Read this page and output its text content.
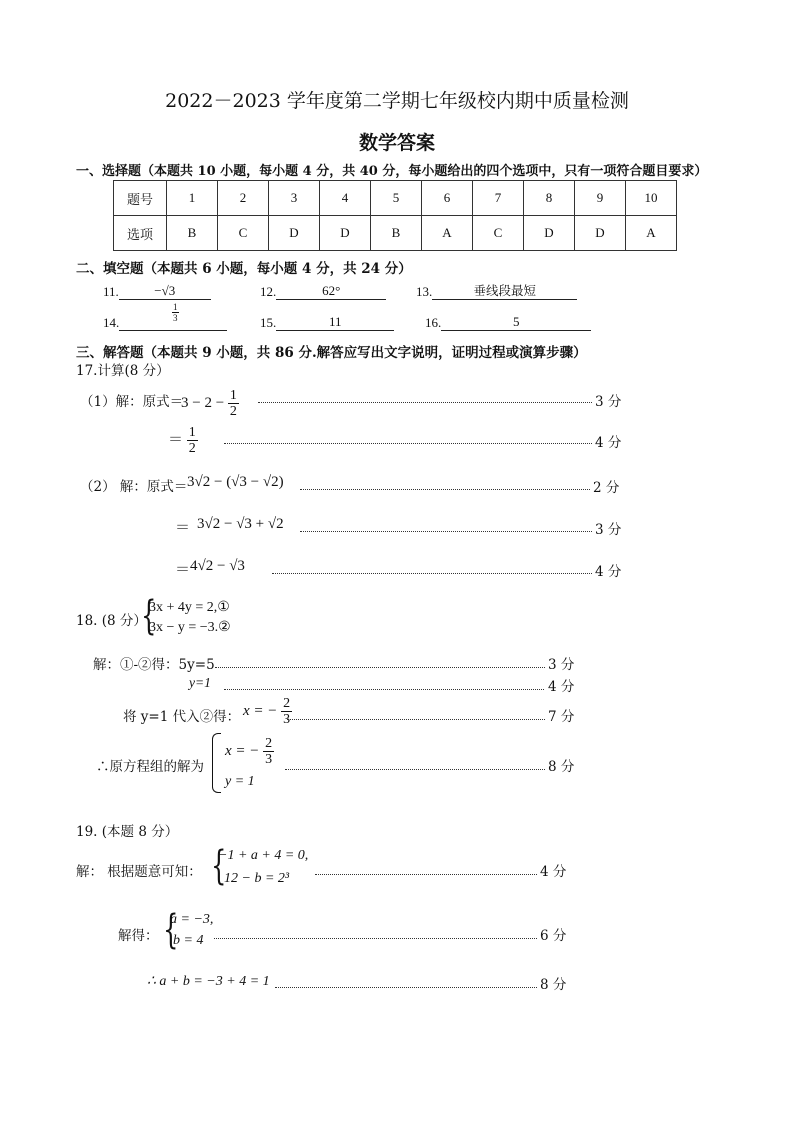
2022－2023 学年度第二学期七年级校内期中质量检测
数学答案
一、选择题（本题共 10 小题，每小题 4 分，共 40 分，每小题给出的四个选项中，只有一项符合题目要求）
题号	1	2	3	4	5	6	7	8	9	10
选项	B	C	D	D	B	A	C	D	D	A
二、填空题（本题共 6 小题，每小题 4 分，共 24 分）
11.	−√3	12.	62°	13.	垂线段最短
14.	$\frac{1}{3}$	15.	11	16.	5
三、解答题（本题共 9 小题，共 86 分.解答应写出文字说明，证明过程或演算步骤）
17.计算(8 分）
（1）解：原式＝
$3 - 2 - \frac{1}{2}$	3 分
＝ $\frac{1}{2}$	4 分
（2） 解：原式＝ 3√2 − (√3 − √2)	2 分
＝ 3√2 − √3 + √2	3 分
＝ 4√2 − √3	4 分
18. (8 分）
{
3x + 4y = 2,①
3x − y = −3.②
解：①-②得：5y=5	3 分
y=1	4 分
将 y=1 代入②得： x = − $\frac{2}{3}$	7 分
∴原方程组的解为
x = − $\frac{2}{3}$
y = 1
8 分
19. (本题 8 分）
解： 根据题意可知： {
−1 + a + 4 = 0,
12 − b = 2³	4 分
解得： {
a = −3,
b = 4	6 分
∴ a + b = −3 + 4 = 1	8 分
